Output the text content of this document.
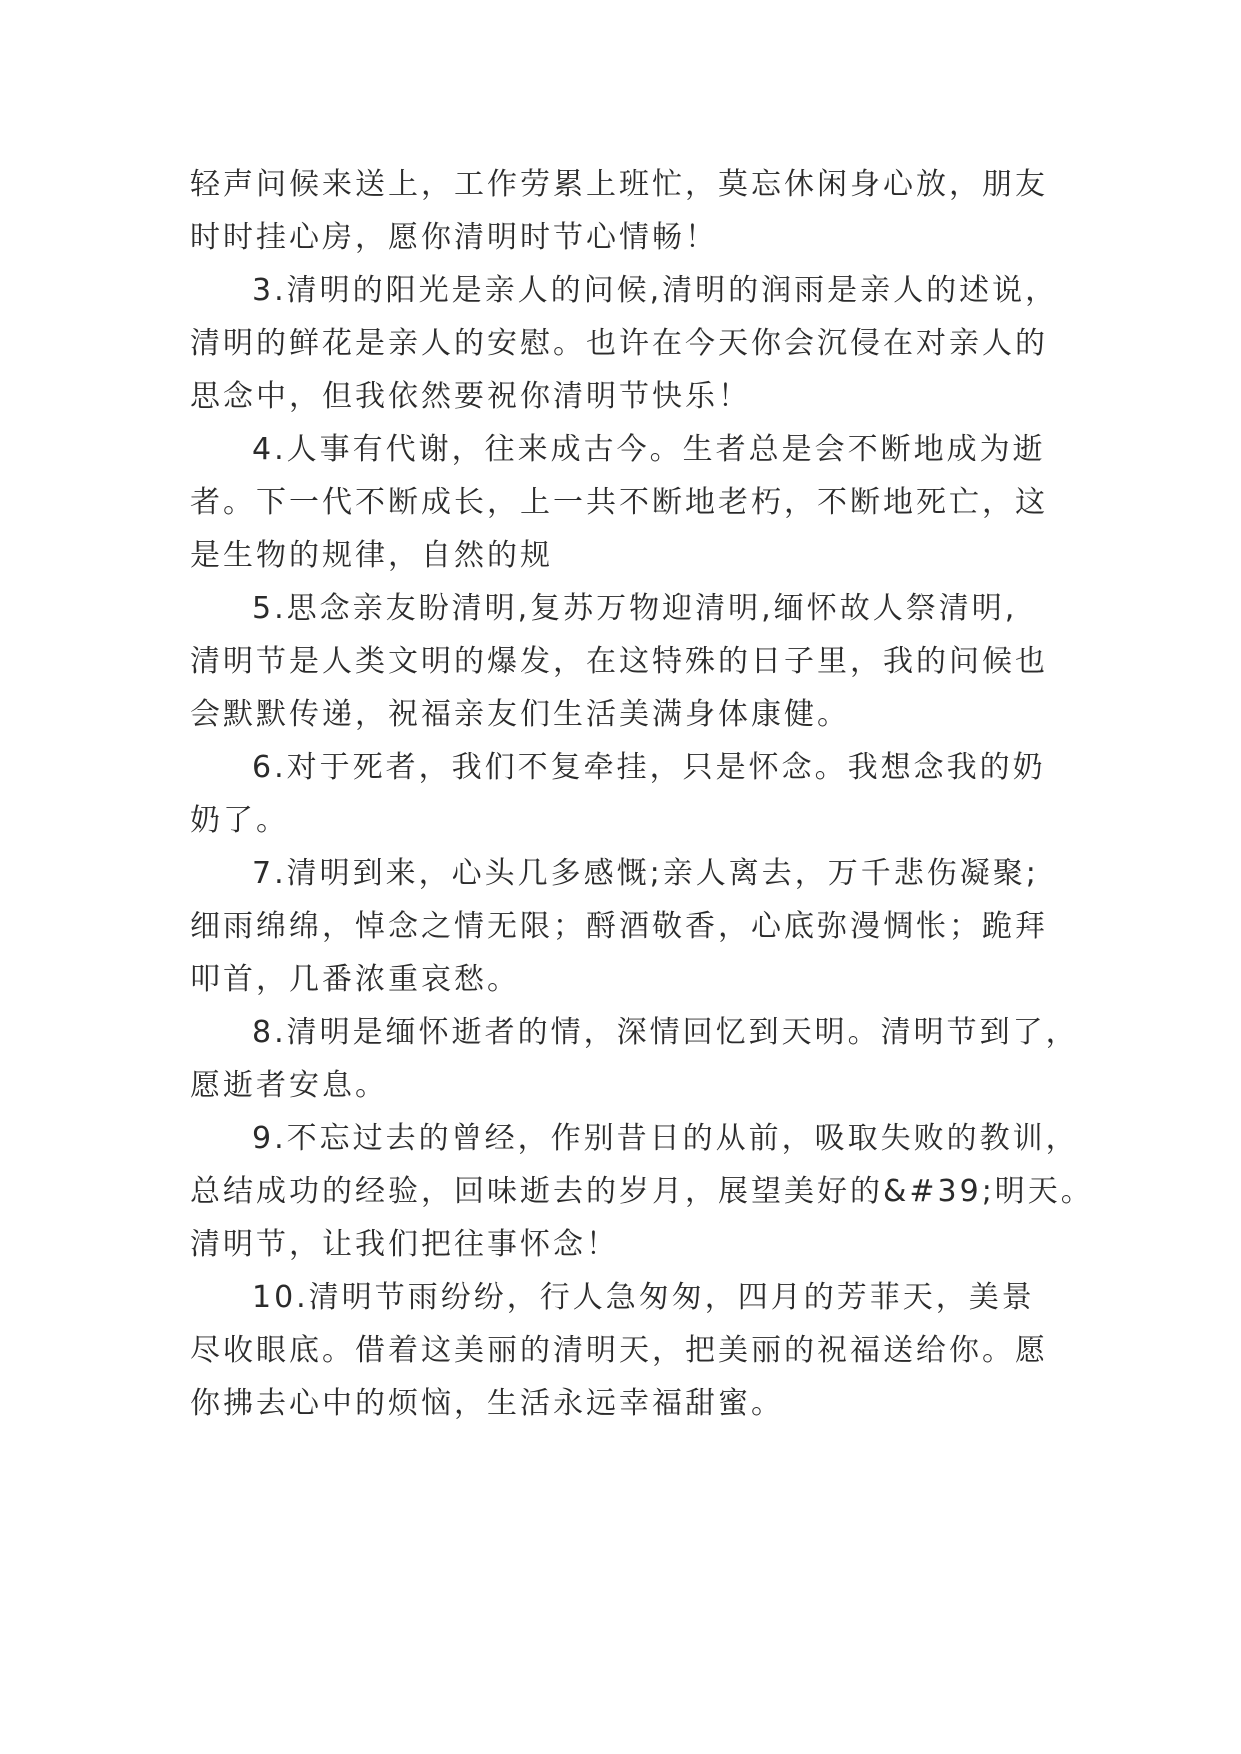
轻声问候来送上，工作劳累上班忙，莫忘休闲身心放，朋友
时时挂心房，愿你清明时节心情畅！
3.清明的阳光是亲人的问候,清明的润雨是亲人的述说，
清明的鲜花是亲人的安慰。也许在今天你会沉侵在对亲人的
思念中，但我依然要祝你清明节快乐！
4.人事有代谢，往来成古今。生者总是会不断地成为逝
者。下一代不断成长，上一共不断地老朽，不断地死亡，这
是生物的规律，自然的规
5.思念亲友盼清明,复苏万物迎清明,缅怀故人祭清明,
清明节是人类文明的爆发，在这特殊的日子里，我的问候也
会默默传递，祝福亲友们生活美满身体康健。
6.对于死者，我们不复牵挂，只是怀念。我想念我的奶
奶了。
7.清明到来，心头几多感慨;亲人离去，万千悲伤凝聚;
细雨绵绵，悼念之情无限；酹酒敬香，心底弥漫惆怅；跪拜
叩首，几番浓重哀愁。
8.清明是缅怀逝者的情，深情回忆到天明。清明节到了，
愿逝者安息。
9.不忘过去的曾经，作别昔日的从前，吸取失败的教训，
总结成功的经验，回味逝去的岁月，展望美好的&#39;明天。
清明节，让我们把往事怀念！
10.清明节雨纷纷，行人急匆匆，四月的芳菲天，美景
尽收眼底。借着这美丽的清明天，把美丽的祝福送给你。愿
你拂去心中的烦恼，生活永远幸福甜蜜。
